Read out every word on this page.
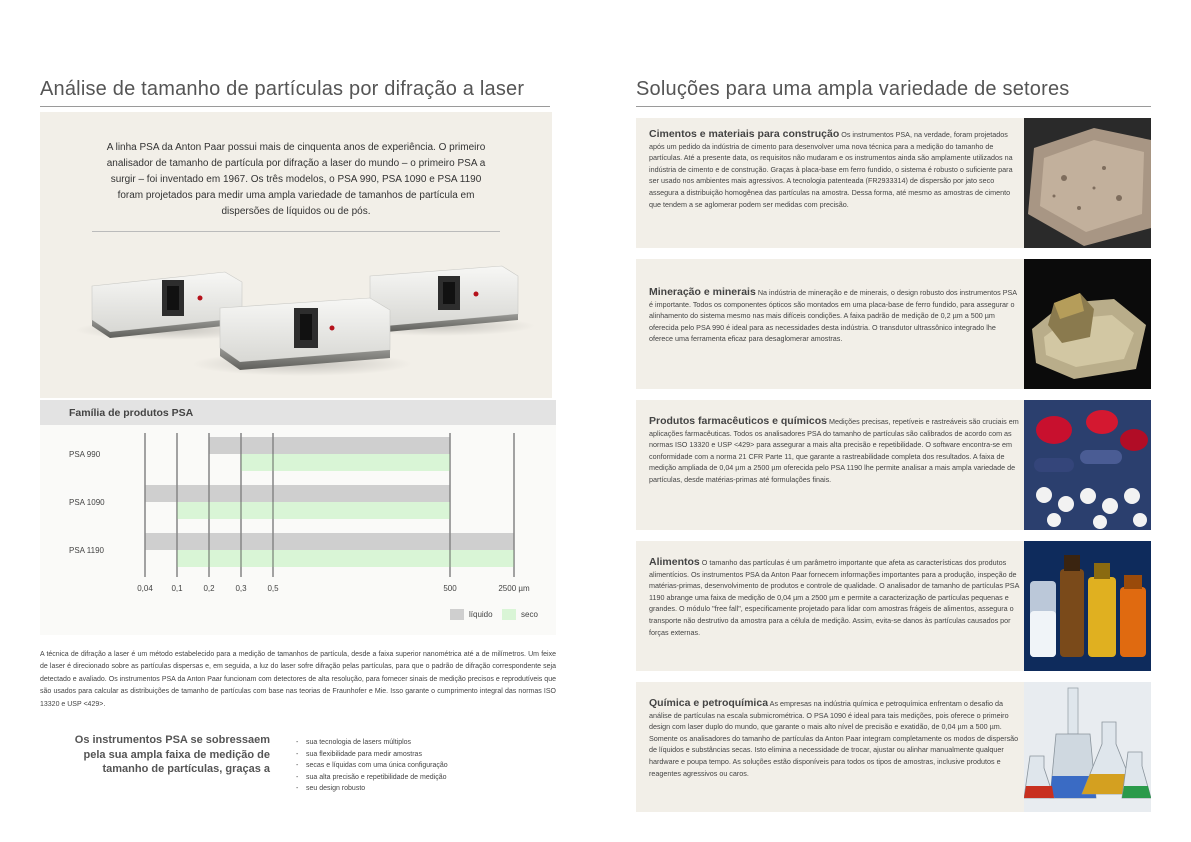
Análise de tamanho de partículas por difração a laser

A linha PSA da Anton Paar possui mais de cinquenta anos de experiência. O primeiro analisador de tamanho de partícula por difração a laser do mundo – o primeiro PSA a surgir – foi inventado em 1967. Os três modelos, o PSA 990, PSA 1090 e PSA 1190 foram projetados para medir uma ampla variedade de tamanhos de partícula em dispersões de líquidos ou de pós.

Família de produtos PSA
PSA 990
PSA 1090
PSA 1190
0,04 0,1	0,2	0,3	0,5	500	2500 µm
líquido	seco

A técnica de difração a laser é um método estabelecido para a medição de tamanhos de partícula, desde a faixa superior nanométrica até a de milímetros. Um feixe de laser é direcionado sobre as partículas dispersas e, em seguida, a luz do laser sofre difração pelas partículas, para que o padrão de difração correspondente seja detectado e avaliado. Os instrumentos PSA da Anton Paar funcionam com detectores de alta resolução, para fornecer sinais de medição precisos e reprodutíveis que são usados para calcular as distribuições de tamanho de partículas com base nas teorias de Fraunhofer e Mie. Isso garante o cumprimento integral das normas ISO 13320 e USP <429>.

Os instrumentos PSA se sobressaem pela sua ampla faixa de medição de tamanho de partículas, graças a
- sua tecnologia de lasers múltiplos
- sua flexibilidade para medir amostras
- secas e líquidas com uma única configuração
- sua alta precisão e repetibilidade de medição
- seu design robusto
Soluções para uma ampla variedade de setores

Cimentos e materiais para construção Os instrumentos PSA, na verdade, foram projetados após um pedido da indústria de cimento para desenvolver uma nova técnica para a medição do tamanho de partículas. Até a presente data, os requisitos não mudaram e os instrumentos ainda são amplamente utilizados na indústria de cimento e de construção. Graças à placa-base em ferro fundido, o sistema é robusto o suficiente para ser usado nos ambientes mais agressivos. A tecnologia patenteada (FR2933314) de dispersão por jato seco assegura a distribuição homogênea das partículas na amostra. Dessa forma, até mesmo as amostras de cimento que tendem a se aglomerar podem ser medidas com precisão.

Mineração e minerais Na indústria de mineração e de minerais, o design robusto dos instrumentos PSA é importante. Todos os componentes ópticos são montados em uma placa-base de ferro fundido, para assegurar o alinhamento do sistema mesmo nas mais difíceis condições. A faixa padrão de medição de 0,2 µm a 500 µm oferecida pelo PSA 990 é ideal para as necessidades desta indústria. O transdutor ultrassônico integrado lhe oferece uma ferramenta eficaz para desaglomerar amostras.

Produtos farmacêuticos e químicos Medições precisas, repetíveis e rastreáveis são cruciais em aplicações farmacêuticas. Todos os analisadores PSA do tamanho de partículas são calibrados de acordo com as normas ISO 13320 e USP <429> para assegurar a mais alta precisão e repetibilidade. O software encontra-se em conformidade com a norma 21 CFR Parte 11, que garante a rastreabilidade completa dos resultados. A faixa de medição ampliada de 0,04 µm a 2500 µm oferecida pelo PSA 1190 lhe permite analisar a mais ampla variedade de partículas, desde matérias-primas até formulações finais.

Alimentos O tamanho das partículas é um parâmetro importante que afeta as características dos produtos alimentícios. Os instrumentos PSA da Anton Paar fornecem informações importantes para a produção, inspeção de matérias-primas, desenvolvimento de produtos e controle de qualidade. O analisador de tamanho de partículas PSA 1190 abrange uma faixa de medição de 0,04 µm a 2500 µm e permite a caracterização de partículas pequenas e grandes. O módulo "free fall", especificamente projetado para lidar com amostras frágeis de alimentos, assegura o transporte não destrutivo da amostra para a célula de medição. Assim, evita-se danos às partículas causados por forças externas.

Química e petroquímica As empresas na indústria química e petroquímica enfrentam o desafio da análise de partículas na escala submicrométrica. O PSA 1090 é ideal para tais medições, pois oferece o primeiro design com laser duplo do mundo, que garante o mais alto nível de precisão e exatidão, de 0,04 µm a 500 µm. Somente os analisadores do tamanho de partículas da Anton Paar integram completamente os modos de dispersão de líquidos e substâncias secas. Isto elimina a necessidade de trocar, ajustar ou alinhar manualmente qualquer hardware e poupa tempo. As soluções estão disponíveis para todos os tipos de amostras, inclusive produtos e reagentes agressivos ou caros.
